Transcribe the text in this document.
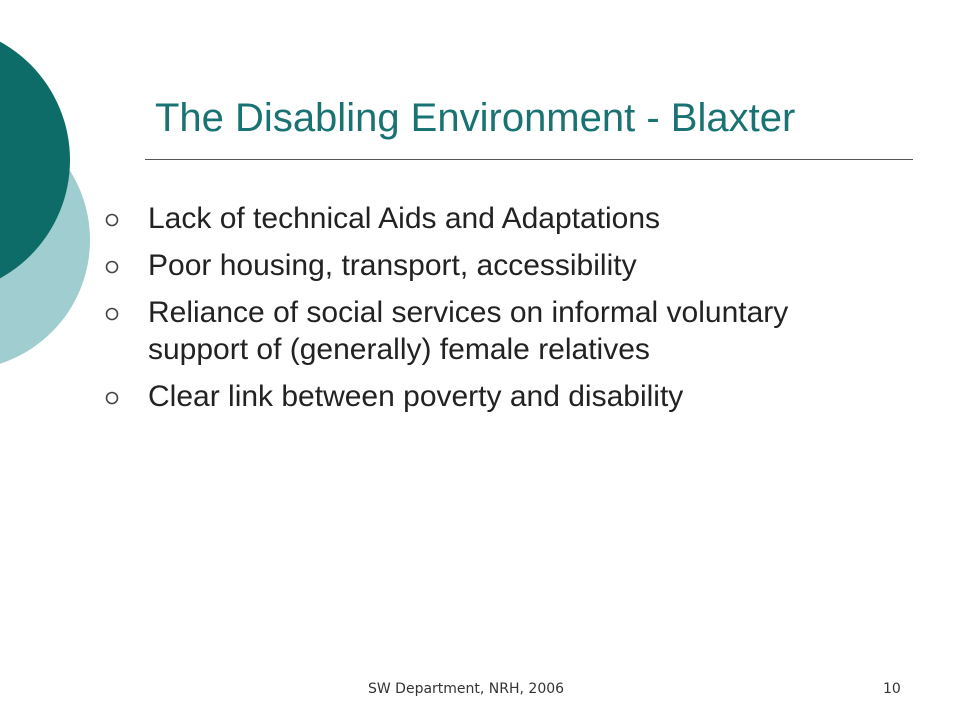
The Disabling Environment - Blaxter
Lack of technical Aids and Adaptations
Poor housing, transport, accessibility
Reliance of social services on informal voluntary support of (generally) female relatives
Clear link between poverty and disability
SW Department, NRH, 2006	10
